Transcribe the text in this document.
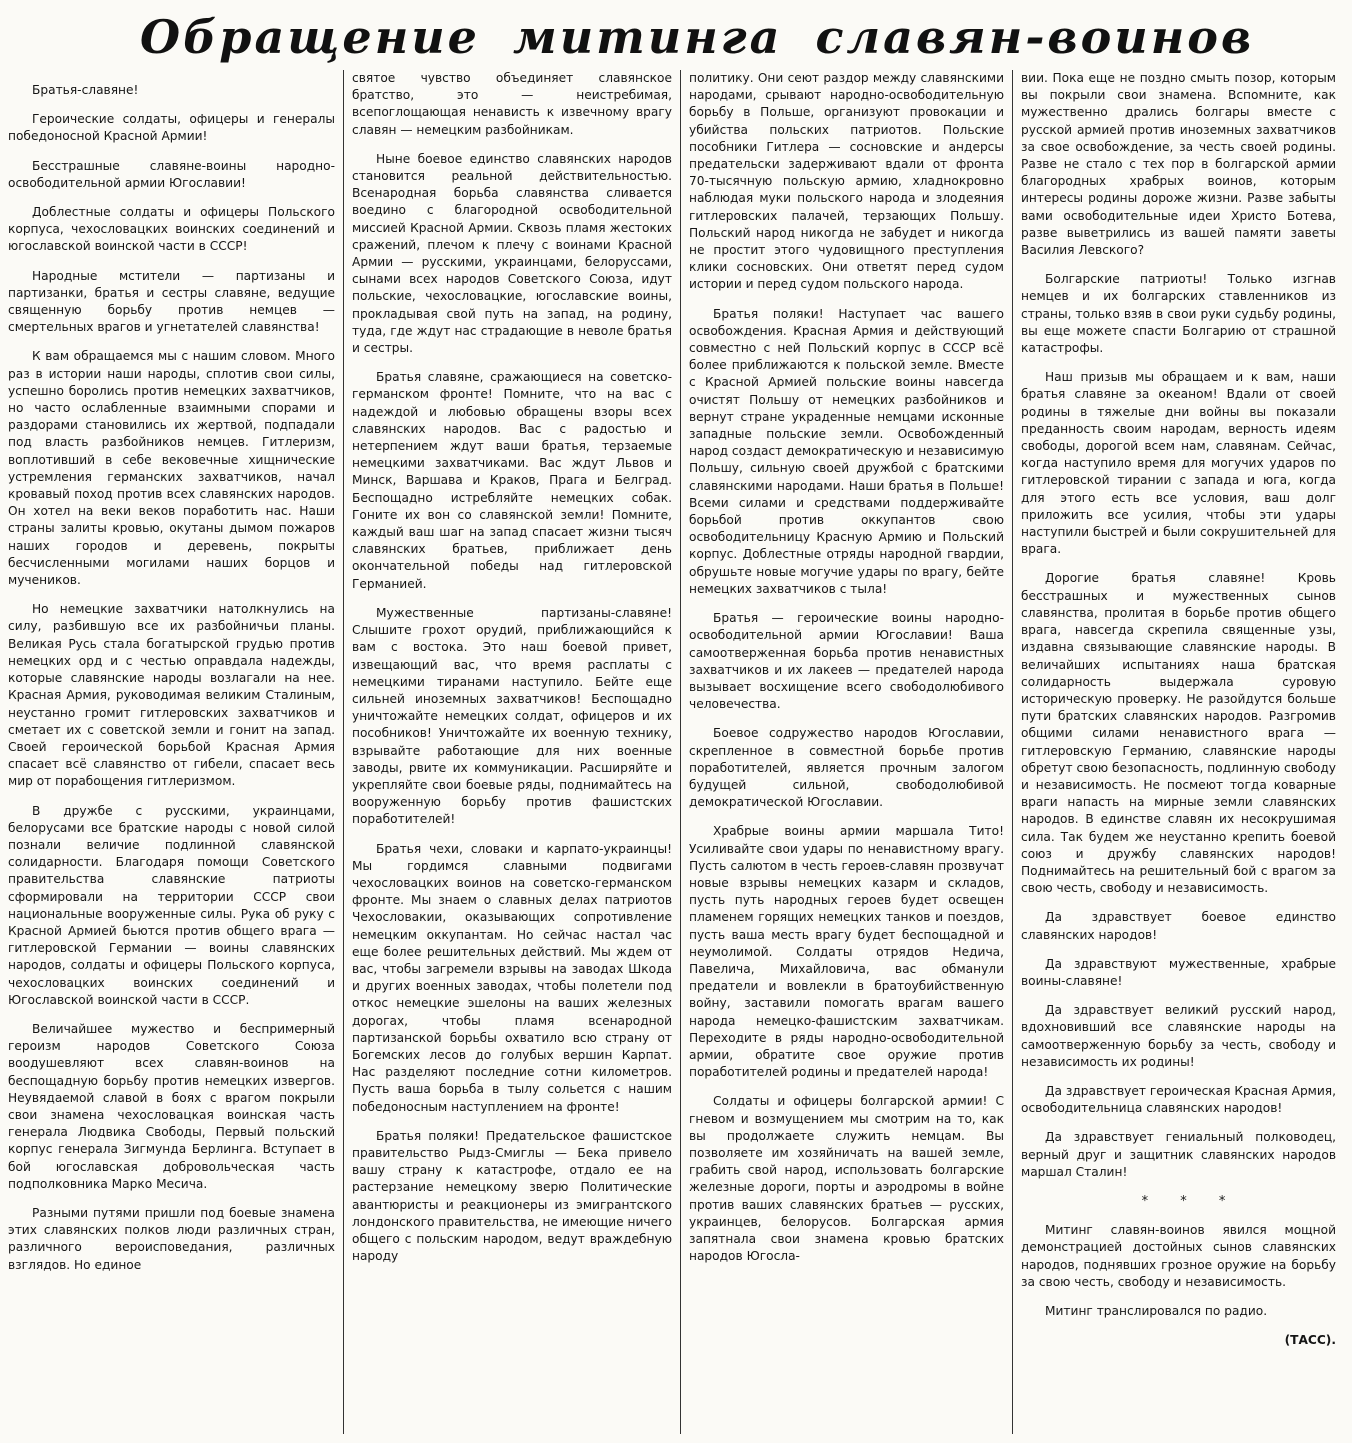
Обращение митинга славян-воинов

Братья-славяне!

Героические солдаты, офицеры и генералы победоносной Красной Армии!

Бесстрашные славяне-воины народно-освободительной армии Югославии!

Доблестные солдаты и офицеры Польского корпуса, чехословацких воинских соединений и югославской воинской части в СССР!

Народные мстители — партизаны и партизанки, братья и сестры славяне, ведущие священную борьбу против немцев — смертельных врагов и угнетателей славянства!

К вам обращаемся мы с нашим словом. Много раз в истории наши народы, сплотив свои силы, успешно боролись против немецких захватчиков, но часто ослабленные взаимными спорами и раздорами становились их жертвой, подпадали под власть разбойников немцев. Гитлеризм, воплотивший в себе вековечные хищнические устремления германских захватчиков, начал кровавый поход против всех славянских народов. Он хотел на веки веков поработить нас. Наши страны залиты кровью, окутаны дымом пожаров наших городов и деревень, покрыты бесчисленными могилами наших борцов и мучеников.

Но немецкие захватчики натолкнулись на силу, разбившую все их разбойничьи планы. Великая Русь стала богатырской грудью против немецких орд и с честью оправдала надежды, которые славянские народы возлагали на нее. Красная Армия, руководимая великим Сталиным, неустанно громит гитлеровских захватчиков и сметает их с советской земли и гонит на запад. Своей героической борьбой Красная Армия спасает всё славянство от гибели, спасает весь мир от порабощения гитлеризмом.

В дружбе с русскими, украинцами, белорусами все братские народы с новой силой познали величие подлинной славянской солидарности. Благодаря помощи Советского правительства славянские патриоты сформировали на территории СССР свои национальные вооруженные силы. Рука об руку с Красной Армией бьются против общего врага — гитлеровской Германии — воины славянских народов, солдаты и офицеры Польского корпуса, чехословацких воинских соединений и Югославской воинской части в СССР.

Величайшее мужество и беспримерный героизм народов Советского Союза воодушевляют всех славян-воинов на беспощадную борьбу против немецких извергов. Неувядаемой славой в боях с врагом покрыли свои знамена чехословацкая воинская часть генерала Людвика Свободы, Первый польский корпус генерала Зигмунда Берлинга. Вступает в бой югославская добровольческая часть подполковника Марко Месича.

Разными путями пришли под боевые знамена этих славянских полков люди различных стран, различного вероисповедания, различных взглядов. Но единое

святое чувство объединяет славянское братство, это — неистребимая, всепоглощающая ненависть к извечному врагу славян — немецким разбойникам.

Ныне боевое единство славянских народов становится реальной действительностью. Всенародная борьба славянства сливается воедино с благородной освободительной миссией Красной Армии. Сквозь пламя жестоких сражений, плечом к плечу с воинами Красной Армии — русскими, украинцами, белоруссами, сынами всех народов Советского Союза, идут польские, чехословацкие, югославские воины, прокладывая свой путь на запад, на родину, туда, где ждут нас страдающие в неволе братья и сестры.

Братья славяне, сражающиеся на советско-германском фронте! Помните, что на вас с надеждой и любовью обращены взоры всех славянских народов. Вас с радостью и нетерпением ждут ваши братья, терзаемые немецкими захватчиками. Вас ждут Львов и Минск, Варшава и Краков, Прага и Белград. Беспощадно истребляйте немецких собак. Гоните их вон со славянской земли! Помните, каждый ваш шаг на запад спасает жизни тысяч славянских братьев, приближает день окончательной победы над гитлеровской Германией.

Мужественные партизаны-славяне! Слышите грохот орудий, приближающийся к вам с востока. Это наш боевой привет, извещающий вас, что время расплаты с немецкими тиранами наступило. Бейте еще сильней иноземных захватчиков! Беспощадно уничтожайте немецких солдат, офицеров и их пособников! Уничтожайте их военную технику, взрывайте работающие для них военные заводы, рвите их коммуникации. Расширяйте и укрепляйте свои боевые ряды, поднимайтесь на вооруженную борьбу против фашистских поработителей!

Братья чехи, словаки и карпато-украинцы! Мы гордимся славными подвигами чехословацких воинов на советско-германском фронте. Мы знаем о славных делах патриотов Чехословакии, оказывающих сопротивление немецким оккупантам. Но сейчас настал час еще более решительных действий. Мы ждем от вас, чтобы загремели взрывы на заводах Шкода и других военных заводах, чтобы полетели под откос немецкие эшелоны на ваших железных дорогах, чтобы пламя всенародной партизанской борьбы охватило всю страну от Богемских лесов до голубых вершин Карпат. Нас разделяют последние сотни километров. Пусть ваша борьба в тылу сольется с нашим победоносным наступлением на фронте!

Братья поляки! Предательское фашистское правительство Рыдз-Смиглы — Бека привело вашу страну к катастрофе, отдало ее на растерзание немецкому зверю Политические авантюристы и реакционеры из эмигрантского лондонского правительства, не имеющие ничего общего с польским народом, ведут враждебную народу

политику. Они сеют раздор между славянскими народами, срывают народно-освободительную борьбу в Польше, организуют провокации и убийства польских патриотов. Польские пособники Гитлера — сосновские и андерсы предательски задерживают вдали от фронта 70-тысячную польскую армию, хладнокровно наблюдая муки польского народа и злодеяния гитлеровских палачей, терзающих Польшу. Польский народ никогда не забудет и никогда не простит этого чудовищного преступления клики сосновских. Они ответят перед судом истории и перед судом польского народа.

Братья поляки! Наступает час вашего освобождения. Красная Армия и действующий совместно с ней Польский корпус в СССР всё более приближаются к польской земле. Вместе с Красной Армией польские воины навсегда очистят Польшу от немецких разбойников и вернут стране украденные немцами исконные западные польские земли. Освобожденный народ создаст демократическую и независимую Польшу, сильную своей дружбой с братскими славянскими народами. Наши братья в Польше! Всеми силами и средствами поддерживайте борьбой против оккупантов свою освободительницу Красную Армию и Польский корпус. Доблестные отряды народной гвардии, обрушьте новые могучие удары по врагу, бейте немецких захватчиков с тыла!

Братья — героические воины народно-освободительной армии Югославии! Ваша самоотверженная борьба против ненавистных захватчиков и их лакеев — предателей народа вызывает восхищение всего свободолюбивого человечества.

Боевое содружество народов Югославии, скрепленное в совместной борьбе против поработителей, является прочным залогом будущей сильной, свободолюбивой демократической Югославии.

Храбрые воины армии маршала Тито! Усиливайте свои удары по ненавистному врагу. Пусть салютом в честь героев-славян прозвучат новые взрывы немецких казарм и складов, пусть путь народных героев будет освещен пламенем горящих немецких танков и поездов, пусть ваша месть врагу будет беспощадной и неумолимой. Солдаты отрядов Недича, Павелича, Михайловича, вас обманули предатели и вовлекли в братоубийственную войну, заставили помогать врагам вашего народа немецко-фашистским захватчикам. Переходите в ряды народно-освободительной армии, обратите свое оружие против поработителей родины и предателей народа!

Солдаты и офицеры болгарской армии! С гневом и возмущением мы смотрим на то, как вы продолжаете служить немцам. Вы позволяете им хозяйничать на вашей земле, грабить свой народ, использовать болгарские железные дороги, порты и аэродромы в войне против ваших славянских братьев — русских, украинцев, белорусов. Болгарская армия запятнала свои знамена кровью братских народов Югосла-

вии. Пока еще не поздно смыть позор, которым вы покрыли свои знамена. Вспомните, как мужественно дрались болгары вместе с русской армией против иноземных захватчиков за свое освобождение, за честь своей родины. Разве не стало с тех пор в болгарской армии благородных храбрых воинов, которым интересы родины дороже жизни. Разве забыты вами освободительные идеи Христо Ботева, разве выветрились из вашей памяти заветы Василия Левского?

Болгарские патриоты! Только изгнав немцев и их болгарских ставленников из страны, только взяв в свои руки судьбу родины, вы еще можете спасти Болгарию от страшной катастрофы.

Наш призыв мы обращаем и к вам, наши братья славяне за океаном! Вдали от своей родины в тяжелые дни войны вы показали преданность своим народам, верность идеям свободы, дорогой всем нам, славянам. Сейчас, когда наступило время для могучих ударов по гитлеровской тирании с запада и юга, когда для этого есть все условия, ваш долг приложить все усилия, чтобы эти удары наступили быстрей и были сокрушительней для врага.

Дорогие братья славяне! Кровь бесстрашных и мужественных сынов славянства, пролитая в борьбе против общего врага, навсегда скрепила священные узы, издавна связывающие славянские народы. В величайших испытаниях наша братская солидарность выдержала суровую историческую проверку. Не разойдутся больше пути братских славянских народов. Разгромив общими силами ненавистного врага — гитлеровскую Германию, славянские народы обретут свою безопасность, подлинную свободу и независимость. Не посмеют тогда коварные враги напасть на мирные земли славянских народов. В единстве славян их несокрушимая сила. Так будем же неустанно крепить боевой союз и дружбу славянских народов! Поднимайтесь на решительный бой с врагом за свою честь, свободу и независимость.

Да здравствует боевое единство славянских народов!

Да здравствуют мужественные, храбрые воины-славяне!

Да здравствует великий русский народ, вдохновивший все славянские народы на самоотверженную борьбу за честь, свободу и независимость их родины!

Да здравствует героическая Красная Армия, освободительница славянских народов!

Да здравствует гениальный полководец, верный друг и защитник славянских народов маршал Сталин!

* * *

Митинг славян-воинов явился мощной демонстрацией достойных сынов славянских народов, поднявших грозное оружие на борьбу за свою честь, свободу и независимость.

Митинг транслировался по радио.

(ТАСС).
